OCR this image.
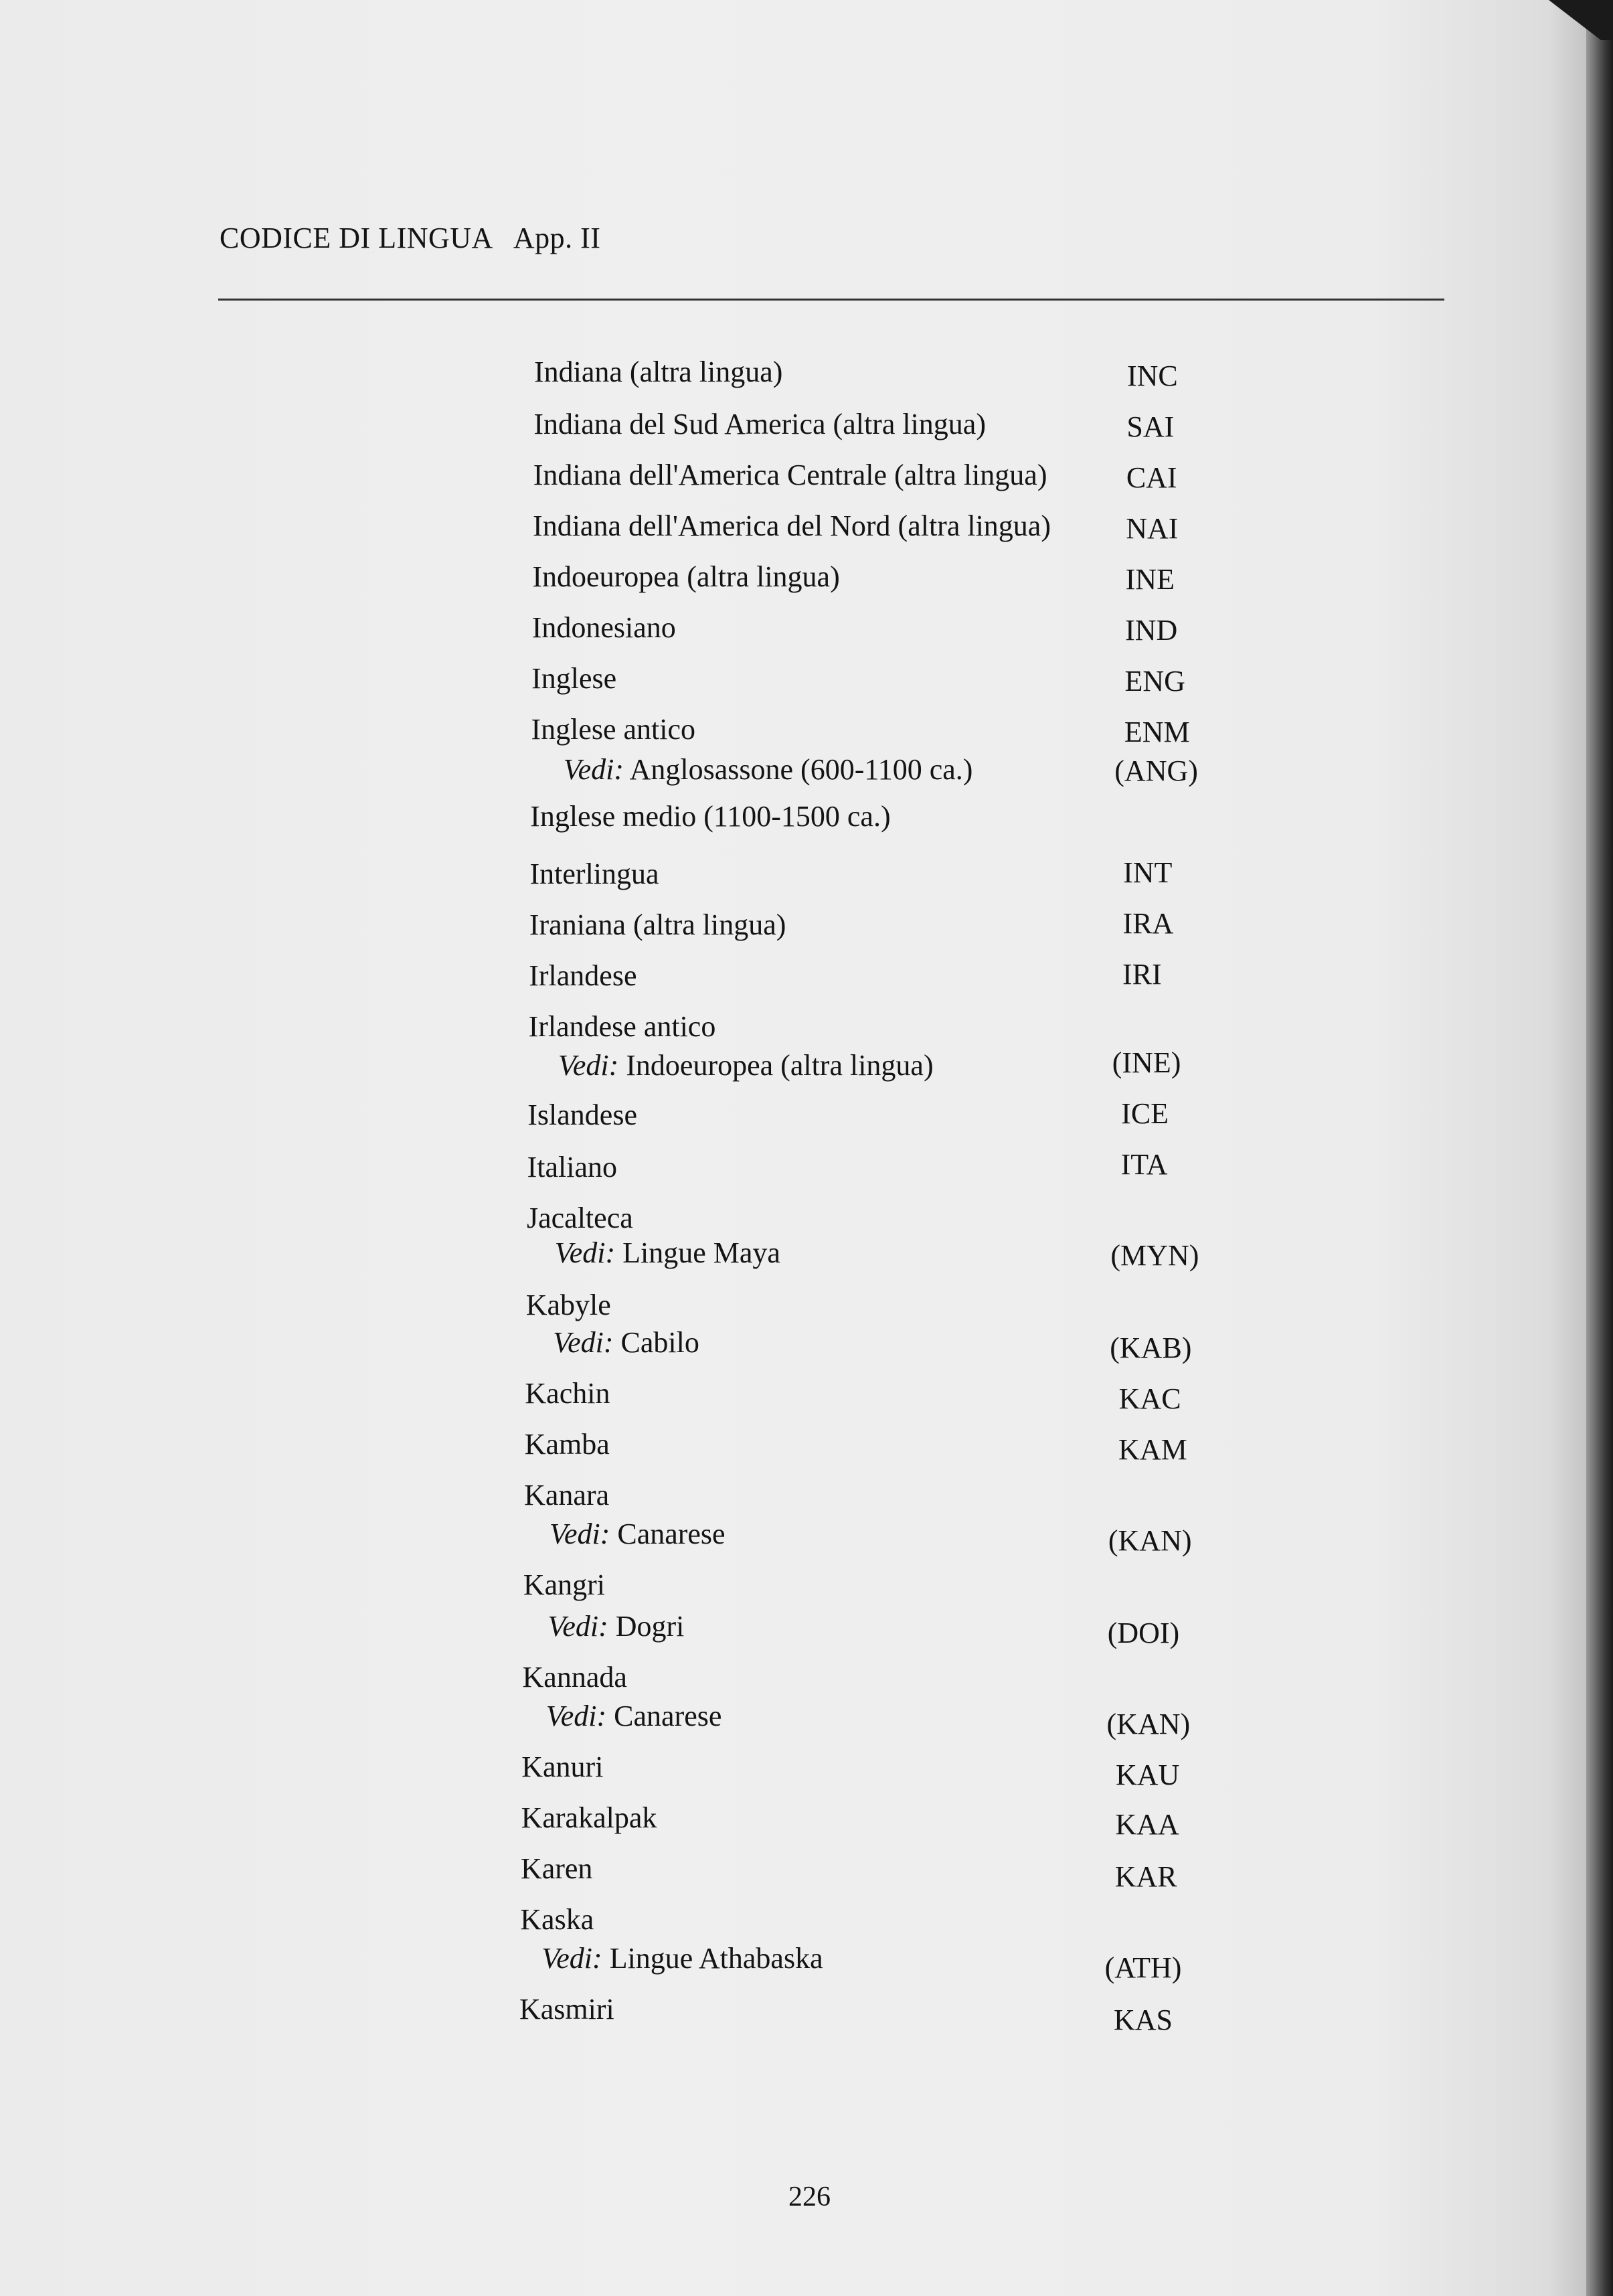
CODICE DI LINGUA App. II
Indiana (altra lingua)	INC
Indiana del Sud America (altra lingua)	SAI
Indiana dell'America Centrale (altra lingua)	CAI
Indiana dell'America del Nord (altra lingua)	NAI
Indoeuropea (altra lingua)	INE
Indonesiano	IND
Inglese	ENG
Inglese antico	ENM
Vedi: Anglosassone (600-1100 ca.)	(ANG)
Inglese medio (1100-1500 ca.)
Interlingua	INT
Iraniana (altra lingua)	IRA
Irlandese	IRI
Irlandese antico
Vedi: Indoeuropea (altra lingua)	(INE)
Islandese	ICE
Italiano	ITA
Jacalteca
Vedi: Lingue Maya	(MYN)
Kabyle
Vedi: Cabilo	(KAB)
Kachin	KAC
Kamba	KAM
Kanara
Vedi: Canarese	(KAN)
Kangri
Vedi: Dogri	(DOI)
Kannada
Vedi: Canarese	(KAN)
Kanuri	KAU
Karakalpak	KAA
Karen	KAR
Kaska
Vedi: Lingue Athabaska	(ATH)
Kasmiri	KAS
226
